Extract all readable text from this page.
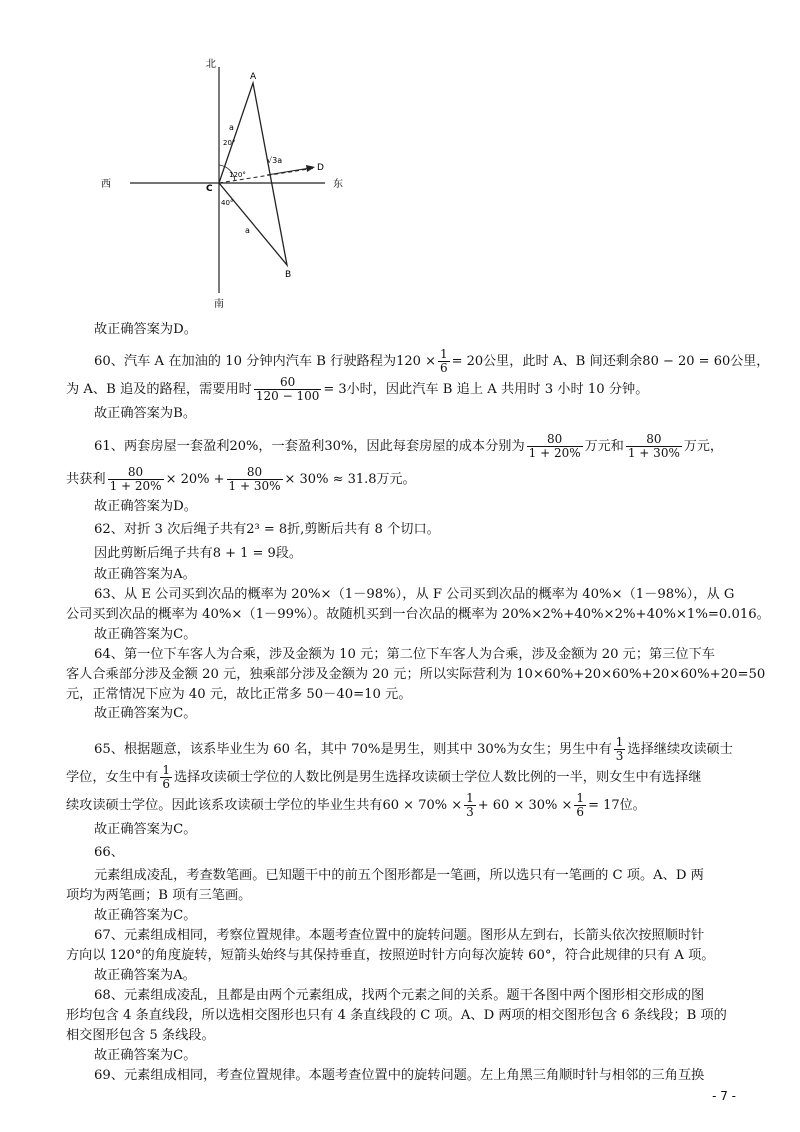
北
南
西	东
A
B
C
D
a
a
√3a
20°
120°
40°
故正确答案为D。
60、汽车 A 在加油的 10 分钟内汽车 B 行驶路程为$120 \times \frac{1}{6} = 20$公里，此时 A、B 间还剩余80 − 20 = 60公里，
为 A、B 追及的路程，需要用时 $\frac{60}{120 - 100} = 3$小时，因此汽车 B 追上 A 共用时 3 小时 10 分钟。
故正确答案为B。
61、两套房屋一套盈利20%，一套盈利30%，因此每套房屋的成本分别为 $\frac{80}{1 + 20\%}$ 万元和 $\frac{80}{1 + 30\%}$ 万元，
共获利 $\frac{80}{1 + 20\%} \times 20\% + \frac{80}{1 + 30\%} \times 30\% \approx 31.8$万元。
故正确答案为D。
62、对折 3 次后绳子共有2³ = 8折,剪断后共有 8 个切口。
因此剪断后绳子共有8 + 1 = 9段。
故正确答案为A。
63、从 E 公司买到次品的概率为 20%×（1－98%），从 F 公司买到次品的概率为 40%×（1－98%），从 G
公司买到次品的概率为 40%×（1－99%）。故随机买到一台次品的概率为 20%×2%+40%×2%+40%×1%=0.016。
故正确答案为C。
64、第一位下车客人为合乘，涉及金额为 10 元；第二位下车客人为合乘，涉及金额为 20 元；第三位下车
客人合乘部分涉及金额 20 元，独乘部分涉及金额为 20 元；所以实际营利为 10×60%+20×60%+20×60%+20=50
元，正常情况下应为 40 元，故比正常多 50－40=10 元。
故正确答案为C。
65、根据题意，该系毕业生为 60 名，其中 70%是男生，则其中 30%为女生；男生中有 $\frac{1}{3}$ 选择继续攻读硕士
学位，女生中有 $\frac{1}{6}$ 选择攻读硕士学位的人数比例是男生选择攻读硕士学位人数比例的一半，则女生中有选择继
续攻读硕士学位。因此该系攻读硕士学位的毕业生共有$60 \times 70\% \times \frac{1}{3} + 60 \times 30\% \times \frac{1}{6} = 17$位。
故正确答案为C。
66、
元素组成凌乱，考查数笔画。已知题干中的前五个图形都是一笔画，所以选只有一笔画的 C 项。A、D 两
项均为两笔画；B 项有三笔画。
故正确答案为C。
67、元素组成相同，考察位置规律。本题考查位置中的旋转问题。图形从左到右，长箭头依次按照顺时针
方向以 120°的角度旋转，短箭头始终与其保持垂直，按照逆时针方向每次旋转 60°，符合此规律的只有 A 项。
故正确答案为A。
68、元素组成凌乱，且都是由两个元素组成，找两个元素之间的关系。题干各图中两个图形相交形成的图
形均包含 4 条直线段，所以选相交图形也只有 4 条直线段的 C 项。A、D 两项的相交图形包含 6 条线段；B 项的
相交图形包含 5 条线段。
故正确答案为C。
69、元素组成相同，考查位置规律。本题考查位置中的旋转问题。左上角黑三角顺时针与相邻的三角互换
- 7 -
